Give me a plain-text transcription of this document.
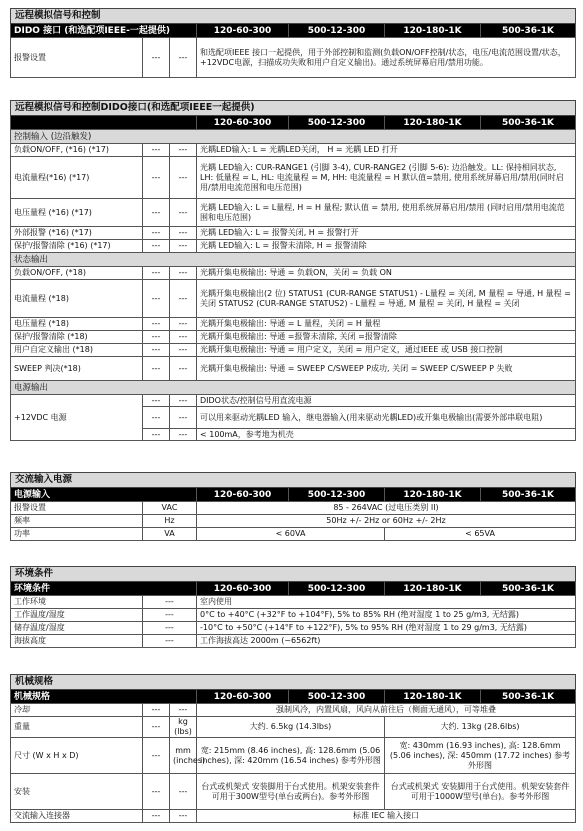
远程模拟信号和控制						
DIDO 接口 (和选配项IEEE-一起提供)			120-60-300	500-12-300	120-180-1K	500-36-1K
报警设置	---	---	和选配项IEEE 接口一起提供，用于外部控制和监测(负载ON/OFF控制/状态，电压/电流范围设置/状态，+12VDC电源，扫描成功失败和用户自定义输出)。通过系统屏幕启用/禁用功能。			
远程模拟信号和控制DIDO接口(和选配项IEEE一起提供)						
			120-60-300	500-12-300	120-180-1K	500-36-1K
控制输入 (边沿触发)						
负载ON/OFF, (*16) (*17)	---	---	光耦LED输入: L = 光耦LED关闭， H = 光耦 LED 打开			
电流量程(*16) (*17)	---	---	光耦 LED输入: CUR-RANGE1 (引脚 3-4), CUR-RANGE2 (引脚 5-6): 边沿触发。LL: 保持相同状态, LH: 低量程 = L, HL: 电流量程 = M, HH: 电流量程 = H 默认值=禁用, 使用系统屏幕启用/禁用(同时启用/禁用电流范围和电压范围)			
电压量程 (*16) (*17)	---	---	光耦 LED输入: L = L量程, H = H 量程; 默认值 = 禁用, 使用系统屏幕启用/禁用 (同时启用/禁用电流范围和电压范围)			
外部报警 (*16) (*17)	---	---	光耦 LED输入: L = 报警关闭, H = 报警打开			
保护/报警清除 (*16) (*17)	---	---	光耦 LED输入: L = 报警未清除, H = 报警清除			
状态输出						
负载ON/OFF, (*18)	---	---	光耦开集电极输出: 导通 = 负载ON，关闭 = 负载 ON			
电流量程 (*18)	---	---	光耦开集电极输出(2 位) STATUS1 (CUR-RANGE STATUS1) - L量程 = 关闭, M 量程 = 导通, H 量程 = 关闭 STATUS2 (CUR-RANGE STATUS2) - L量程 = 导通, M 量程 = 关闭, H 量程 = 关闭			
电压量程 (*18)	---	---	光耦开集电极输出: 导通 = L 量程，关闭 = H 量程			
保护/报警清除 (*18)	---	---	光耦开集电极输出: 导通 =报警未清除, 关闭 =报警清除			
用户自定义输出 (*18)	---	---	光耦开集电极输出: 导通 = 用户定义，关闭 = 用户定义，通过IEEE 或 USB 接口控制			
SWEEP 判决(*18)	---	---	光耦开集电极输出: 导通 = SWEEP C/SWEEP P成功, 关闭 = SWEEP C/SWEEP P 失败			
电源输出						
+12VDC 电源	---	---	DIDO状态/控制信号用直流电源			
	---	---	可以用来驱动光耦LED 输入，继电器输入(用来驱动光耦LED)或开集电极输出(需要外部串联电阻)			
	---	---	< 100mA，参考地为机壳			
交流输入电源					
电源输入		120-60-300	500-12-300	120-180-1K	500-36-1K
报警设置	VAC	85 - 264VAC (过电压类别 II)			
频率	Hz	50Hz +/- 2Hz or 60Hz +/- 2Hz			
功率	VA	< 60VA		< 65VA	
环境条件					
环境条件		120-60-300	500-12-300	120-180-1K	500-36-1K
工作环境	---	室内使用			
工作温度/湿度	---	0°C to +40°C (+32°F to +104°F), 5% to 85% RH (绝对湿度 1 to 25 g/m3, 无结露)			
储存温度/湿度	---	-10°C to +50°C (+14°F to +122°F), 5% to 95% RH (绝对湿度 1 to 29 g/m3, 无结露)			
海拔高度	---	工作海拔高达 2000m (~6562ft)			
机械规格						
机械规格			120-60-300	500-12-300	120-180-1K	500-36-1K
冷却	---	---	强制风冷，内置风扇，风向从前往后（侧面无通风），可等堆叠			
重量	---	kg (lbs)	大约. 6.5kg (14.3lbs)		大约. 13kg (28.6lbs)	
尺寸 (W x H x D)	---	mm (inches)	宽: 215mm (8.46 inches), 高: 128.6mm (5.06 inches), 深: 420mm (16.54 inches) 参考外形图		宽: 430mm (16.93 inches), 高: 128.6mm (5.06 inches), 深: 450mm (17.72 inches) 参考外形图	
安装	---	---	台式或机架式 安装脚用于台式使用。机架安装套件可用于300W型号(单台或两台)。参考外形图		台式或机架式 安装脚用于台式使用。机架安装套件可用于1000W型号(单台)。参考外形图	
交流输入连接器	---	---	标准 IEC 输入接口			
